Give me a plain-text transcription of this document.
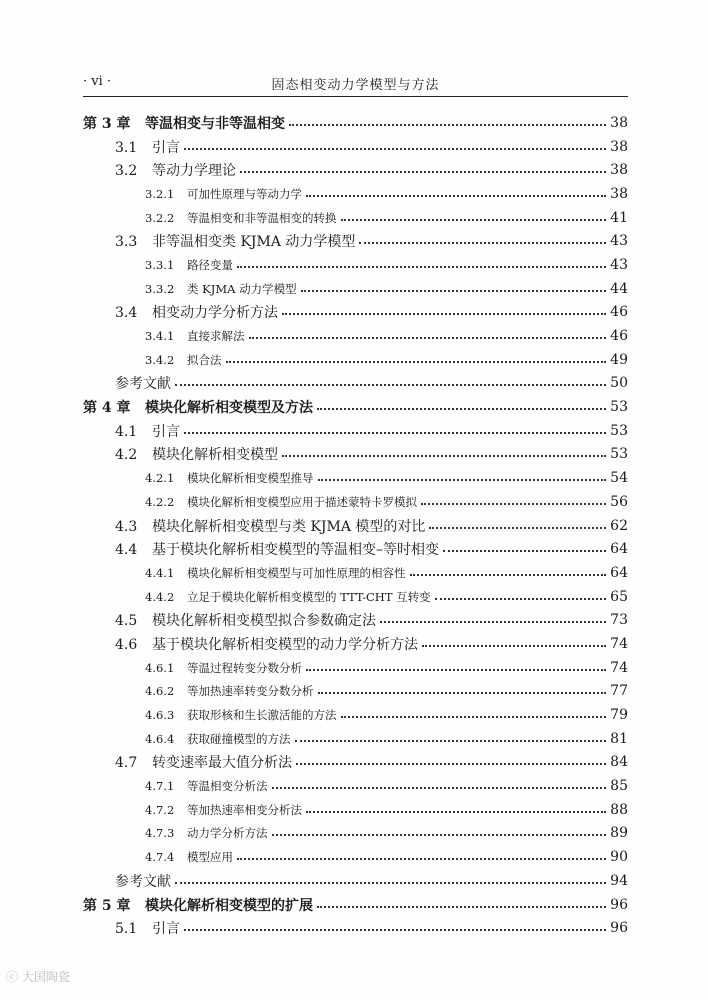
· vi ·	固态相变动力学模型与方法
第 3 章 等温相变与非等温相变	38
3.1 引言	38
3.2 等动力学理论	38
3.2.1 可加性原理与等动力学	38
3.2.2 等温相变和非等温相变的转换	41
3.3 非等温相变类 KJMA 动力学模型	43
3.3.1 路径变量	43
3.3.2 类 KJMA 动力学模型	44
3.4 相变动力学分析方法	46
3.4.1 直接求解法	46
3.4.2 拟合法	49
参考文献	50
第 4 章 模块化解析相变模型及方法	53
4.1 引言	53
4.2 模块化解析相变模型	53
4.2.1 模块化解析相变模型推导	54
4.2.2 模块化解析相变模型应用于描述蒙特卡罗模拟	56
4.3 模块化解析相变模型与类 KJMA 模型的对比	62
4.4 基于模块化解析相变模型的等温相变–等时相变	64
4.4.1 模块化解析相变模型与可加性原理的相容性	64
4.4.2 立足于模块化解析相变模型的 TTT-CHT 互转变	65
4.5 模块化解析相变模型拟合参数确定法	73
4.6 基于模块化解析相变模型的动力学分析方法	74
4.6.1 等温过程转变分数分析	74
4.6.2 等加热速率转变分数分析	77
4.6.3 获取形核和生长激活能的方法	79
4.6.4 获取碰撞模型的方法	81
4.7 转变速率最大值分析法	84
4.7.1 等温相变分析法	85
4.7.2 等加热速率相变分析法	88
4.7.3 动力学分析方法	89
4.7.4 模型应用	90
参考文献	94
第 5 章 模块化解析相变模型的扩展	96
5.1 引言	96
ⓒ 大国陶瓷
